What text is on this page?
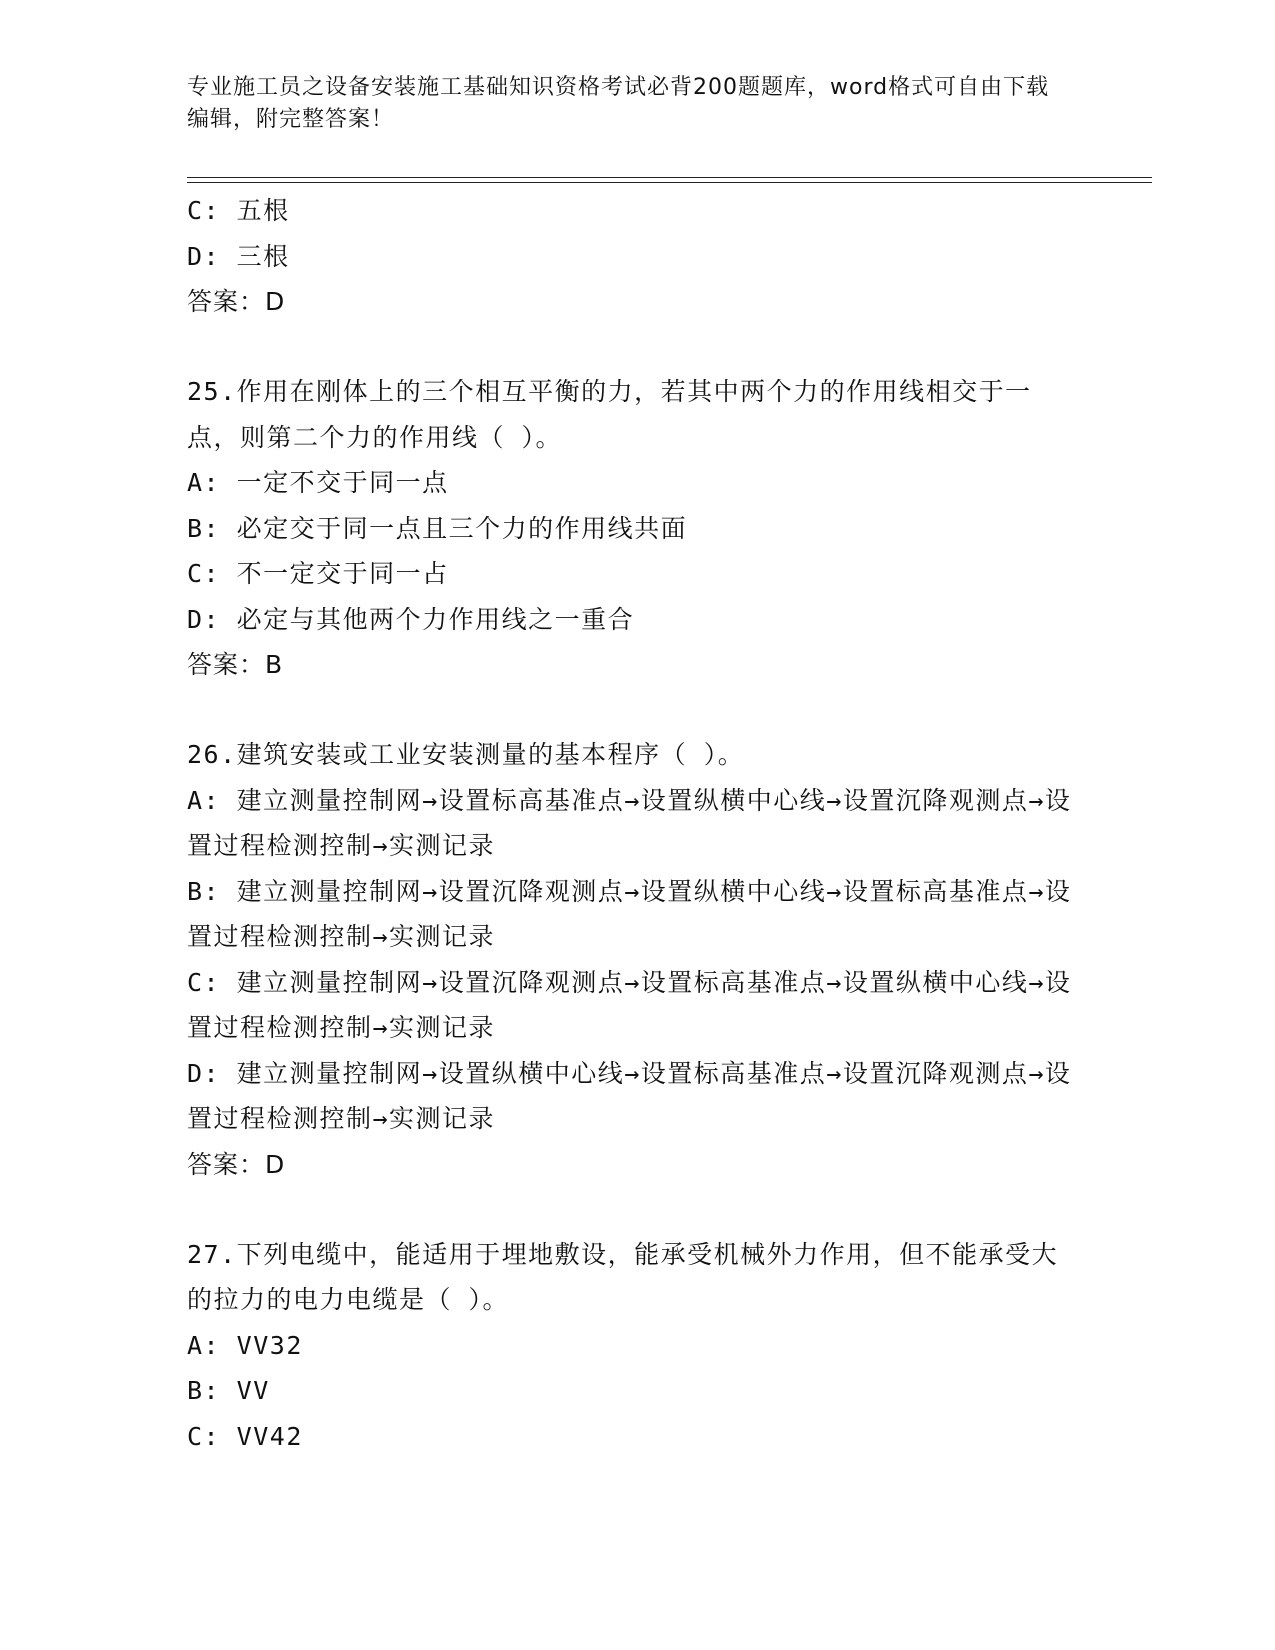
专业施工员之设备安装施工基础知识资格考试必背200题题库，word格式可自由下载编辑，附完整答案！
C: 五根
D: 三根
答案：D
25.作用在刚体上的三个相互平衡的力，若其中两个力的作用线相交于一点，则第二个力的作用线（ ）。
A: 一定不交于同一点
B: 必定交于同一点且三个力的作用线共面
C: 不一定交于同一占
D: 必定与其他两个力作用线之一重合
答案：B
26.建筑安装或工业安装测量的基本程序（ ）。
A: 建立测量控制网→设置标高基准点→设置纵横中心线→设置沉降观测点→设置过程检测控制→实测记录
B: 建立测量控制网→设置沉降观测点→设置纵横中心线→设置标高基准点→设置过程检测控制→实测记录
C: 建立测量控制网→设置沉降观测点→设置标高基准点→设置纵横中心线→设置过程检测控制→实测记录
D: 建立测量控制网→设置纵横中心线→设置标高基准点→设置沉降观测点→设置过程检测控制→实测记录
答案：D
27.下列电缆中，能适用于埋地敷设，能承受机械外力作用，但不能承受大的拉力的电力电缆是（ ）。
A: VV32
B: VV
C: VV42
